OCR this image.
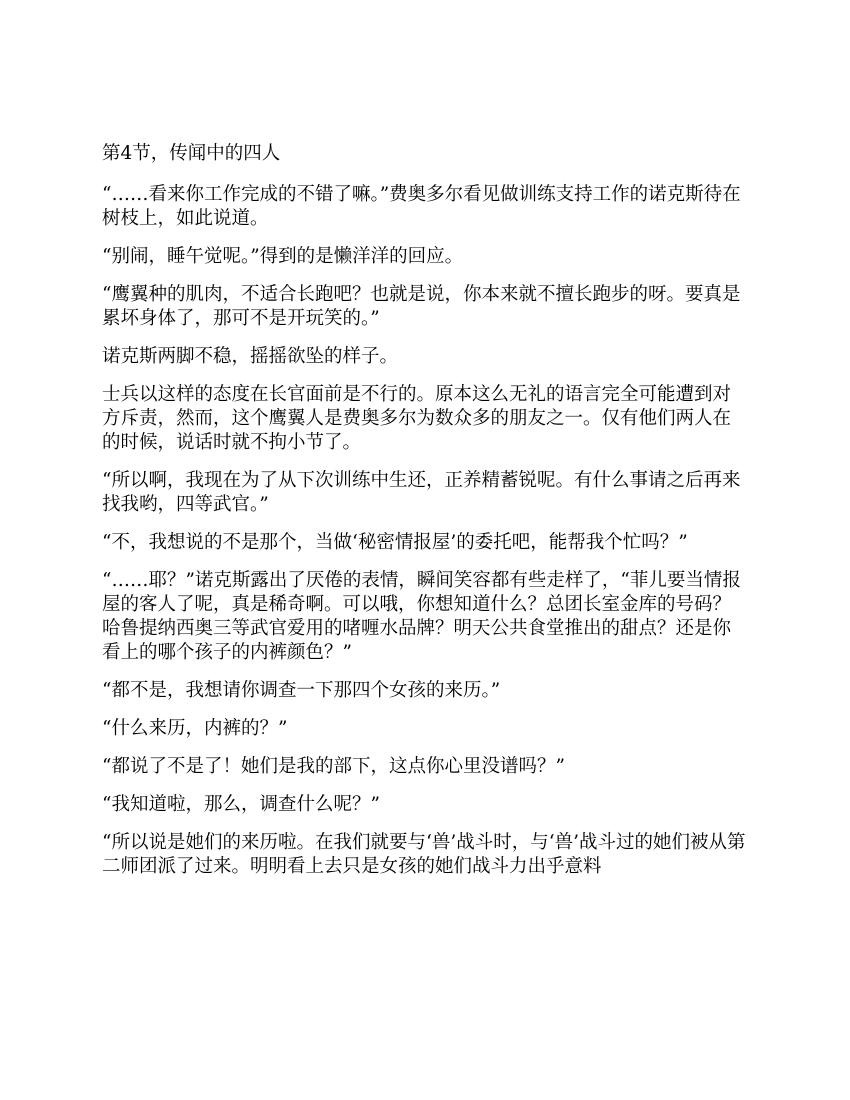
第4节，传闻中的四人

“……看来你工作完成的不错了嘛。”费奥多尔看见做训练支持工作的诺克斯待在树枝上，如此说道。

“别闹，睡午觉呢。”得到的是懒洋洋的回应。

“鹰翼种的肌肉，不适合长跑吧？也就是说，你本来就不擅长跑步的呀。要真是累坏身体了，那可不是开玩笑的。”

诺克斯两脚不稳，摇摇欲坠的样子。

士兵以这样的态度在长官面前是不行的。原本这么无礼的语言完全可能遭到对方斥责，然而，这个鹰翼人是费奥多尔为数众多的朋友之一。仅有他们两人在的时候，说话时就不拘小节了。

“所以啊，我现在为了从下次训练中生还，正养精蓄锐呢。有什么事请之后再来找我哟，四等武官。”

“不，我想说的不是那个，当做‘秘密情报屋’的委托吧，能帮我个忙吗？”

“……耶？”诺克斯露出了厌倦的表情，瞬间笑容都有些走样了，“菲儿要当情报屋的客人了呢，真是稀奇啊。可以哦，你想知道什么？总团长室金库的号码？哈鲁提纳西奥三等武官爱用的啫喱水品牌？明天公共食堂推出的甜点？还是你看上的哪个孩子的内裤颜色？”

“都不是，我想请你调查一下那四个女孩的来历。”

“什么来历，内裤的？”

“都说了不是了！她们是我的部下，这点你心里没谱吗？”

“我知道啦，那么，调查什么呢？”

“所以说是她们的来历啦。在我们就要与‘兽’战斗时，与‘兽’战斗过的她们被从第二师团派了过来。明明看上去只是女孩的她们战斗力出乎意料
